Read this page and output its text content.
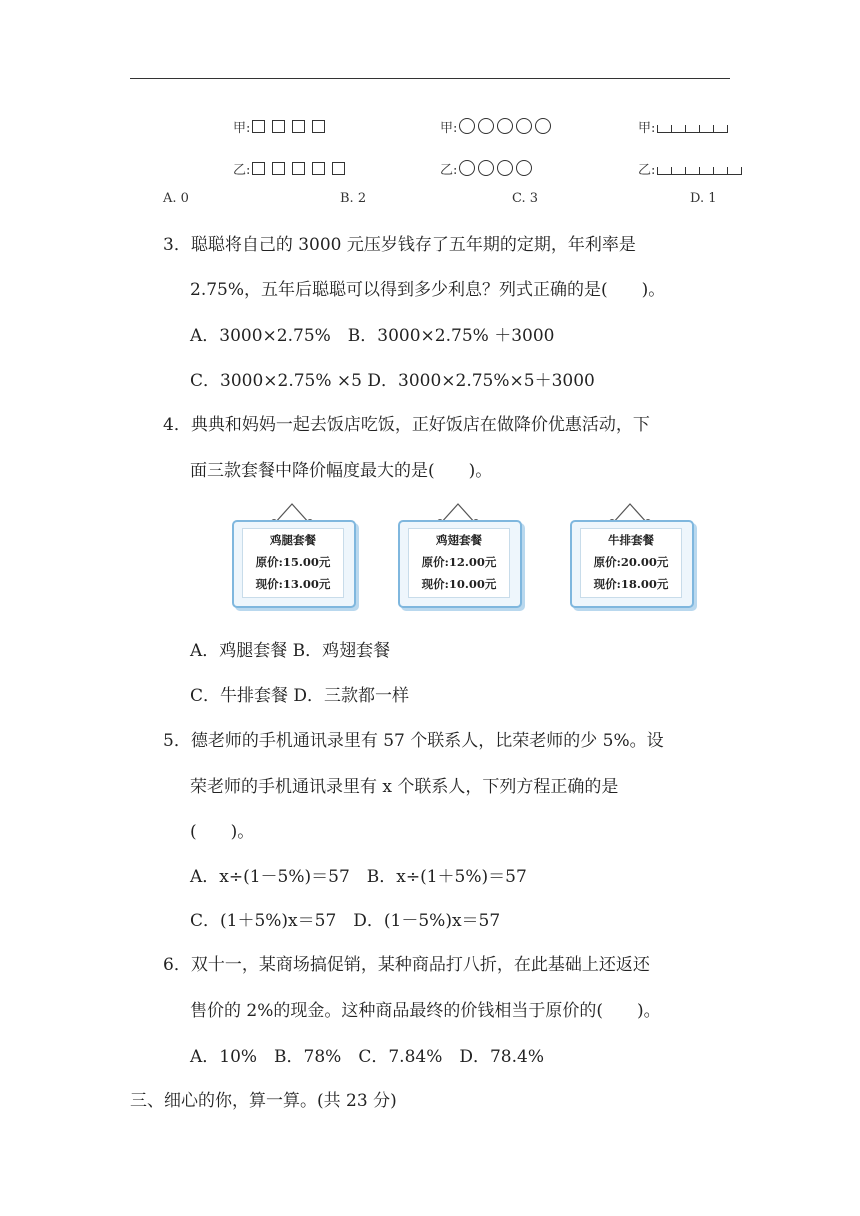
甲:
乙:
甲:
乙:
甲:
乙:
A. 0	B. 2	C. 3	D. 1
3．聪聪将自己的 3000 元压岁钱存了五年期的定期，年利率是
2.75%，五年后聪聪可以得到多少利息？列式正确的是(　　)。
A．3000×2.75%　B．3000×2.75% ＋3000
C．3000×2.75% ×5 D．3000×2.75%×5＋3000
4．典典和妈妈一起去饭店吃饭，正好饭店在做降价优惠活动，下
面三款套餐中降价幅度最大的是(　　)。
鸡腿套餐
原价:15.00元
现价:13.00元
鸡翅套餐
原价:12.00元
现价:10.00元
牛排套餐
原价:20.00元
现价:18.00元
A．鸡腿套餐 B．鸡翅套餐
C．牛排套餐 D．三款都一样
5．德老师的手机通讯录里有 57 个联系人，比荣老师的少 5%。设
荣老师的手机通讯录里有 x 个联系人，下列方程正确的是
(　　)。
A．x÷(1－5%)＝57　B．x÷(1＋5%)＝57
C．(1＋5%)x＝57　D．(1－5%)x＝57
6．双十一，某商场搞促销，某种商品打八折，在此基础上还返还
售价的 2%的现金。这种商品最终的价钱相当于原价的(　　)。
A．10%　B．78%　C．7.84%　D．78.4%
三、细心的你，算一算。(共 23 分)
